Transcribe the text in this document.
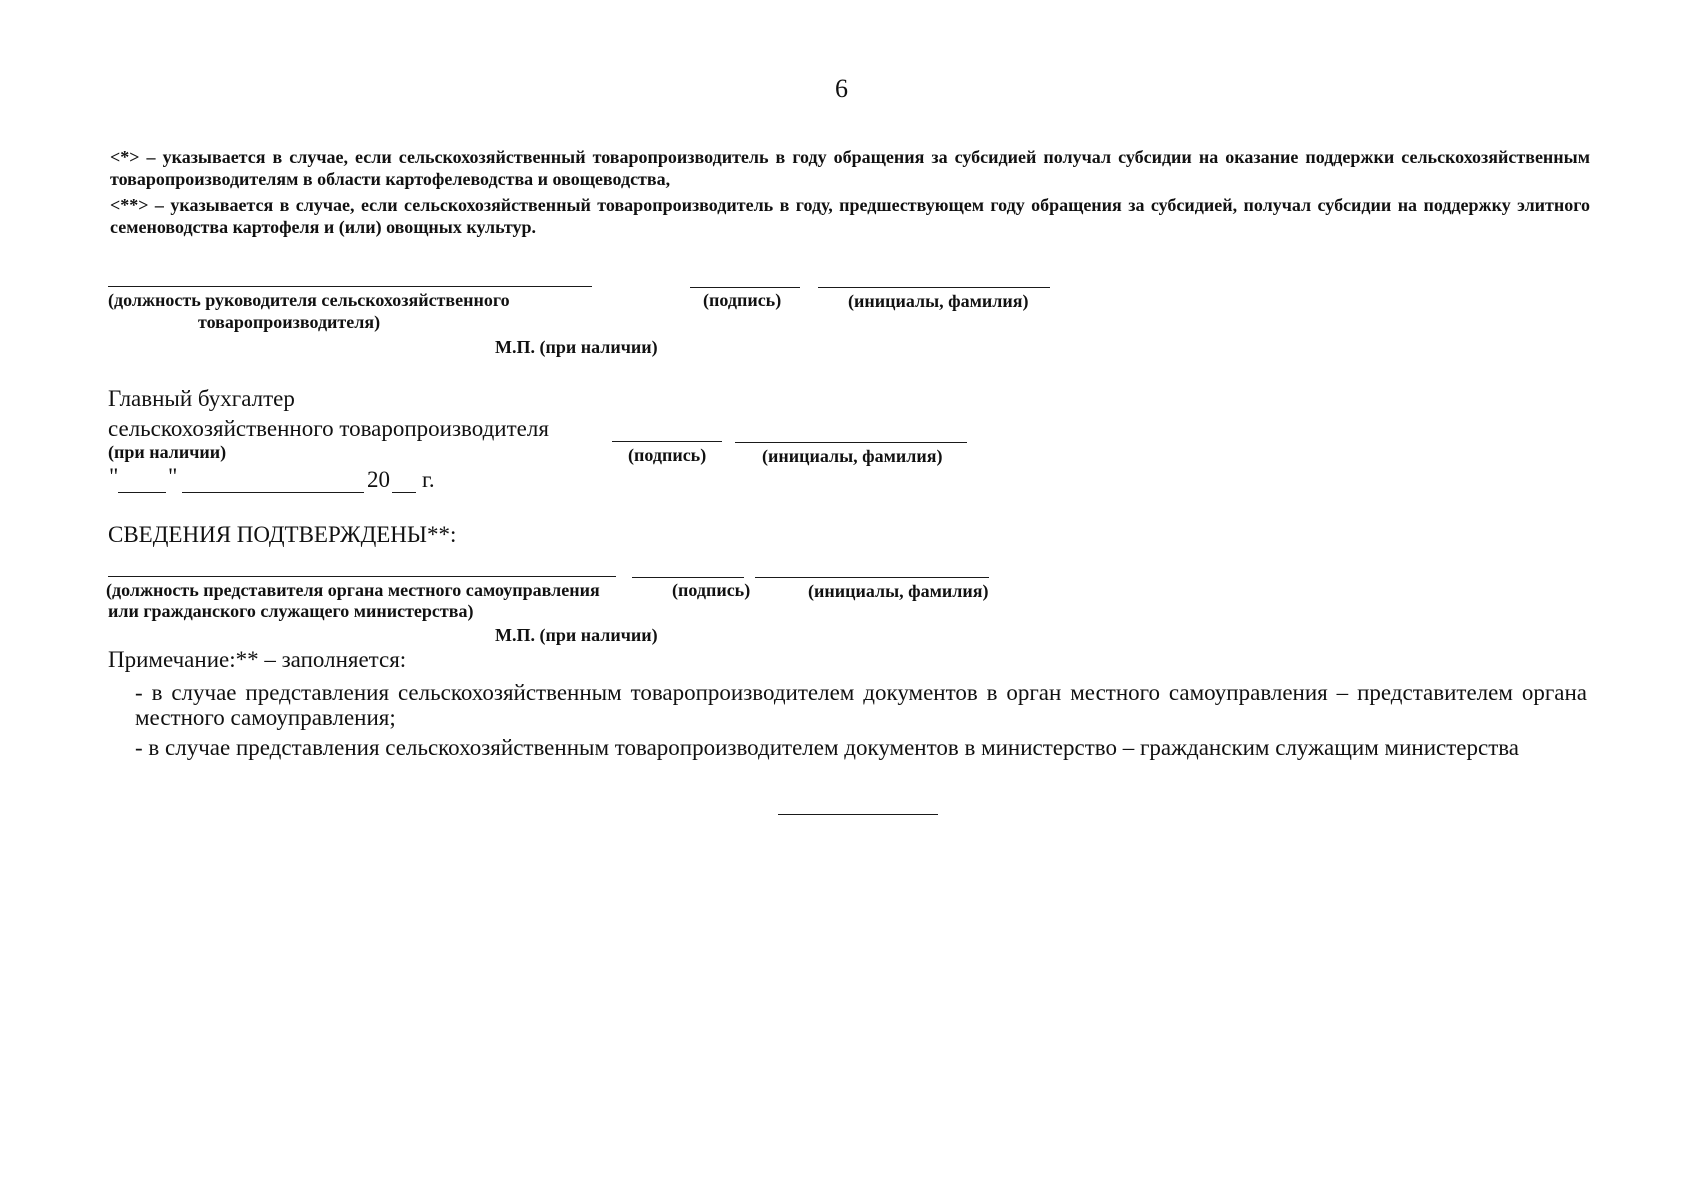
6
<*> – указывается в случае, если сельскохозяйственный товаропроизводитель в году обращения за субсидией получал субсидии на оказание поддержки сельскохозяйственным товаропроизводителям в области картофелеводства и овощеводства,
<**> – указывается в случае, если сельскохозяйственный товаропроизводитель в году, предшествующем году обращения за субсидией, получал субсидии на поддержку элитного семеноводства картофеля и (или) овощных культур.
(должность руководителя сельскохозяйственного
товаропроизводителя)
(подпись)	(инициалы, фамилия)
М.П. (при наличии)
Главный бухгалтер
сельскохозяйственного товаропроизводителя
(при наличии)	(подпись)	(инициалы, фамилия)
" "	20 г.
СВЕДЕНИЯ ПОДТВЕРЖДЕНЫ**:
(должность представителя органа местного самоуправления
или гражданского служащего министерства)
(подпись)	(инициалы, фамилия)
М.П. (при наличии)
Примечание:** – заполняется:
- в случае представления сельскохозяйственным товаропроизводителем документов в орган местного самоуправления – представителем органа местного самоуправления;
- в случае представления сельскохозяйственным товаропроизводителем документов в министерство – гражданским служащим министерства
